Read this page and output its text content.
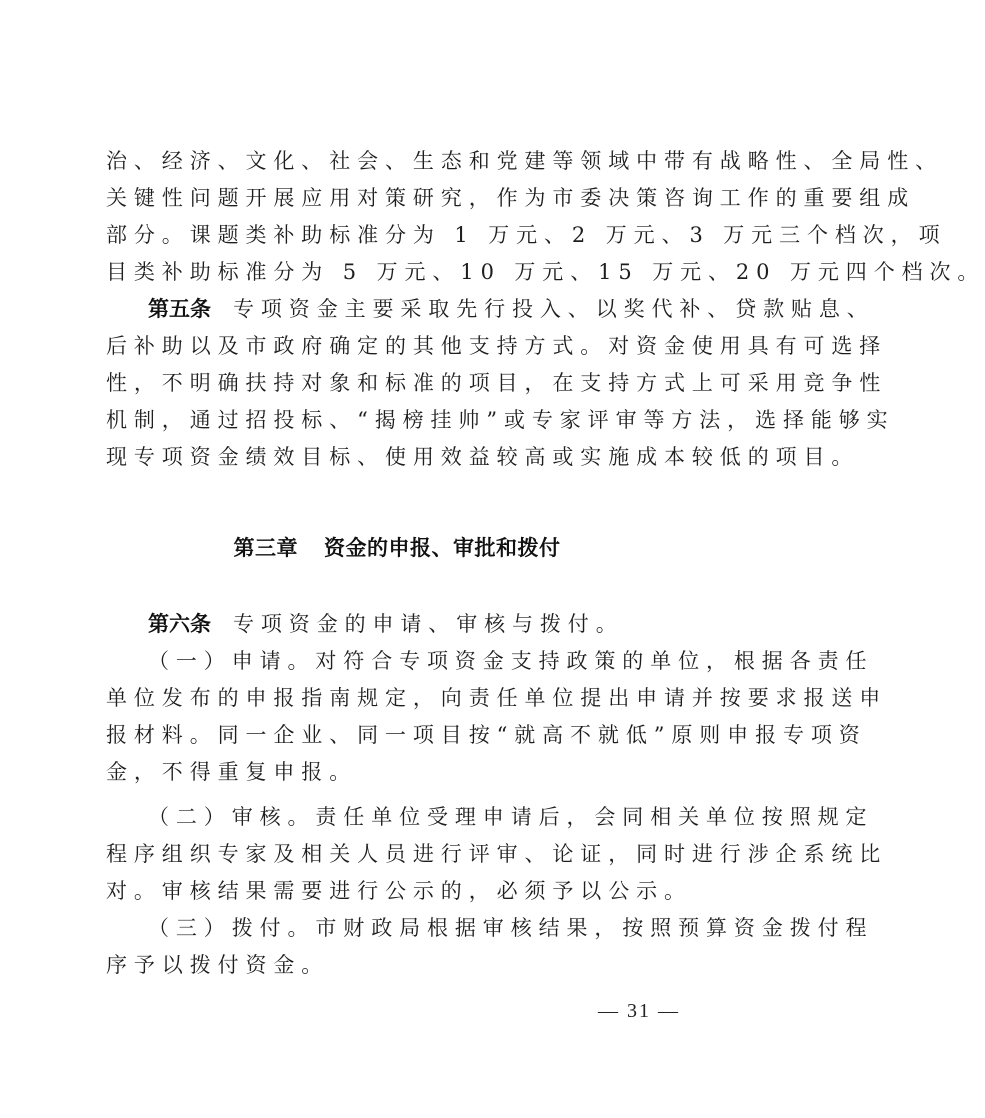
治、经济、文化、社会、生态和党建等领域中带有战略性、全局性、
关键性问题开展应用对策研究，作为市委决策咨询工作的重要组成
部分。课题类补助标准分为 1 万元、2 万元、3 万元三个档次，项
目类补助标准分为 5 万元、10 万元、15 万元、20 万元四个档次。
第五条 专项资金主要采取先行投入、以奖代补、贷款贴息、
后补助以及市政府确定的其他支持方式。对资金使用具有可选择
性，不明确扶持对象和标准的项目，在支持方式上可采用竞争性
机制，通过招投标、“揭榜挂帅”或专家评审等方法，选择能够实
现专项资金绩效目标、使用效益较高或实施成本较低的项目。
第三章 资金的申报、审批和拨付
第六条 专项资金的申请、审核与拨付。
（一）申请。对符合专项资金支持政策的单位，根据各责任
单位发布的申报指南规定，向责任单位提出申请并按要求报送申
报材料。同一企业、同一项目按“就高不就低”原则申报专项资
金，不得重复申报。
（二）审核。责任单位受理申请后，会同相关单位按照规定
程序组织专家及相关人员进行评审、论证，同时进行涉企系统比
对。审核结果需要进行公示的，必须予以公示。
（三）拨付。市财政局根据审核结果，按照预算资金拨付程
序予以拨付资金。
— 31 —
